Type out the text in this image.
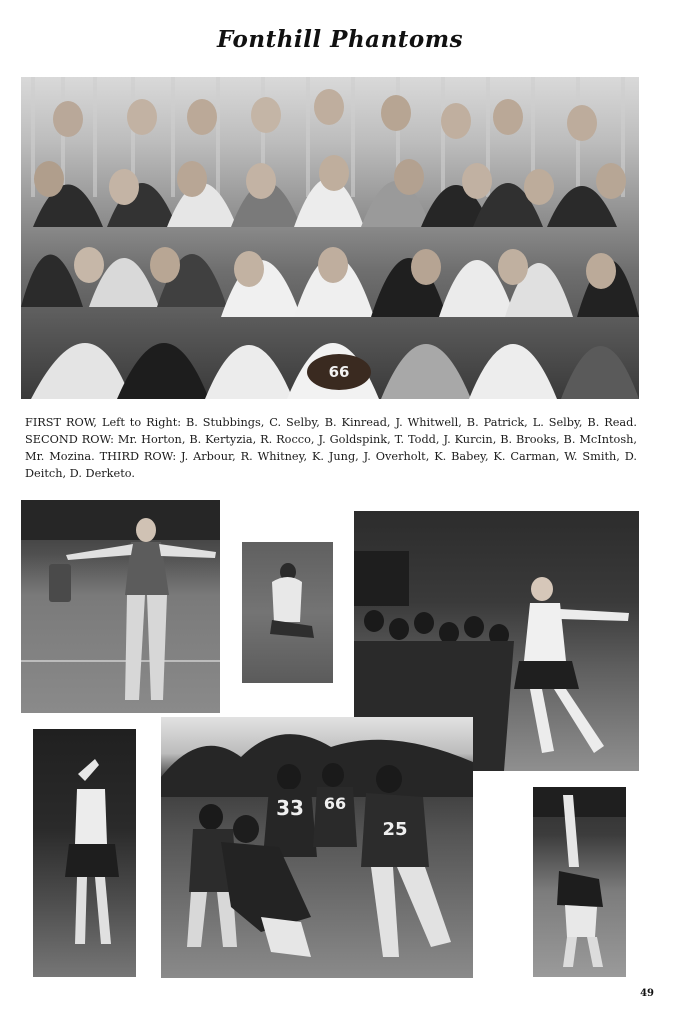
Fonthill Phantoms
66
FIRST ROW, Left to Right: B. Stubbings, C. Selby, B. Kinread, J. Whitwell, B. Patrick, L. Selby, B. Read. SECOND ROW: Mr. Horton, B. Kertyzia, R. Rocco, J. Goldspink, T. Todd, J. Kurcin, B. Brooks, B. McIntosh, Mr. Mozina. THIRD ROW: J. Arbour, R. Whitney, K. Jung, J. Overholt, K. Babey, K. Carman, W. Smith, D. Deitch, D. Derketo.
33 66
25
49
